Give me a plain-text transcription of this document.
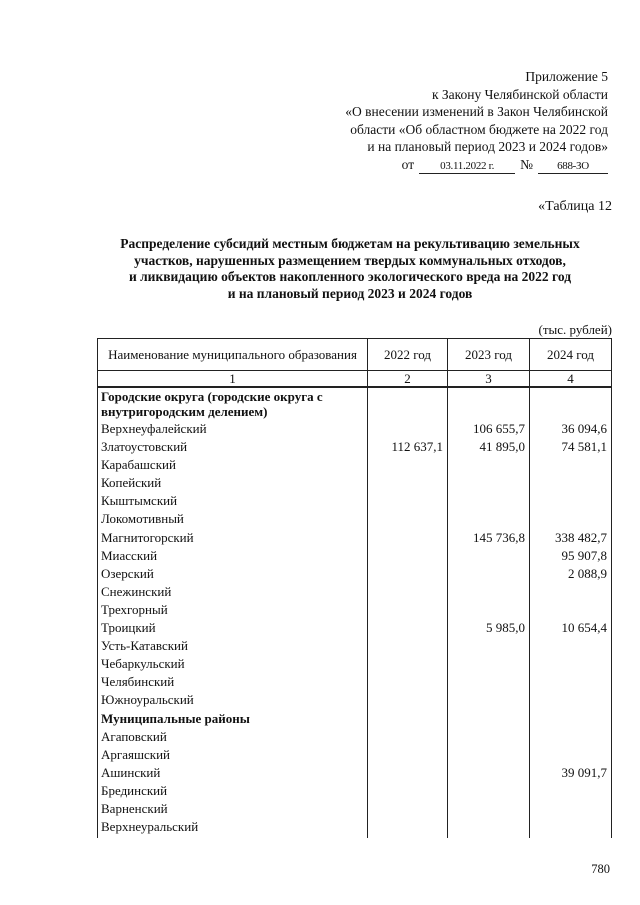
Приложение 5
к Закону Челябинской области
«О внесении изменений в Закон Челябинской
области «Об областном бюджете на 2022 год
и на плановый период 2023 и 2024 годов»
от	03.11.2022 г.	№	688-ЗО
«Таблица 12
Распределение субсидий местным бюджетам на рекультивацию земельных
участков, нарушенных размещением твердых коммунальных отходов,
и ликвидацию объектов накопленного экологического вреда на 2022 год
и на плановый период 2023 и 2024 годов
(тыс. рублей)
Наименование муниципального образования	2022 год	2023 год	2024 год
1	2	3	4
Городские округа (городские округа с внутригородским делением)			
Верхнеуфалейский		106 655,7	36 094,6
Златоустовский	112 637,1	41 895,0	74 581,1
Карабашский			
Копейский			
Кыштымский			
Локомотивный			
Магнитогорский		145 736,8	338 482,7
Миасский			95 907,8
Озерский			2 088,9
Снежинский			
Трехгорный			
Троицкий		5 985,0	10 654,4
Усть-Катавский			
Чебаркульский			
Челябинский			
Южноуральский			
Муниципальные районы			
Агаповский			
Аргаяшский			
Ашинский			39 091,7
Брединский			
Варненский			
Верхнеуральский			
780
